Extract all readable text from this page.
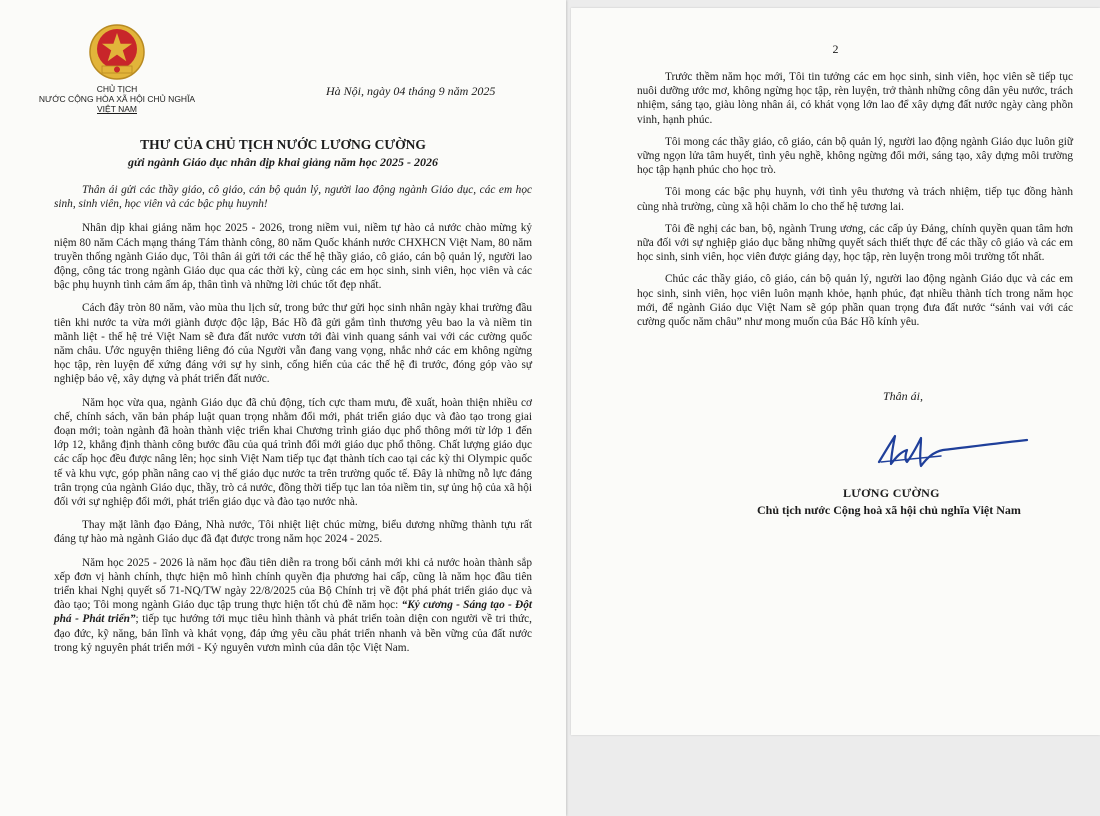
CHỦ TỊCH
NƯỚC CỘNG HÒA XÃ HỘI CHỦ NGHĨA
VIỆT NAM
Hà Nội, ngày 04 tháng 9 năm 2025
THƯ CỦA CHỦ TỊCH NƯỚC LƯƠNG CƯỜNG
gửi ngành Giáo dục nhân dịp khai giảng năm học 2025 - 2026

Thân ái gửi các thầy giáo, cô giáo, cán bộ quản lý, người lao động ngành Giáo dục, các em học sinh, sinh viên, học viên và các bậc phụ huynh!

Nhân dịp khai giảng năm học 2025 - 2026, trong niềm vui, niềm tự hào cả nước chào mừng kỷ niệm 80 năm Cách mạng tháng Tám thành công, 80 năm Quốc khánh nước CHXHCN Việt Nam, 80 năm truyền thống ngành Giáo dục, Tôi thân ái gửi tới các thế hệ thầy giáo, cô giáo, cán bộ quản lý, người lao động, công tác trong ngành Giáo dục qua các thời kỳ, cùng các em học sinh, sinh viên, học viên và các bậc phụ huynh tình cảm ấm áp, thân tình và những lời chúc tốt đẹp nhất.

Cách đây tròn 80 năm, vào mùa thu lịch sử, trong bức thư gửi học sinh nhân ngày khai trường đầu tiên khi nước ta vừa mới giành được độc lập, Bác Hồ đã gửi gắm tình thương yêu bao la và niềm tin mãnh liệt - thế hệ trẻ Việt Nam sẽ đưa đất nước vươn tới đài vinh quang sánh vai với các cường quốc năm châu. Ước nguyện thiêng liêng đó của Người vẫn đang vang vọng, nhắc nhở các em không ngừng học tập, rèn luyện để xứng đáng với sự hy sinh, cống hiến của các thế hệ đi trước, đóng góp vào sự nghiệp bảo vệ, xây dựng và phát triển đất nước.

Năm học vừa qua, ngành Giáo dục đã chủ động, tích cực tham mưu, đề xuất, hoàn thiện nhiều cơ chế, chính sách, văn bản pháp luật quan trọng nhằm đổi mới, phát triển giáo dục và đào tạo trong giai đoạn mới; toàn ngành đã hoàn thành việc triển khai Chương trình giáo dục phổ thông mới từ lớp 1 đến lớp 12, khẳng định thành công bước đầu của quá trình đổi mới giáo dục phổ thông. Chất lượng giáo dục các cấp học đều được nâng lên; học sinh Việt Nam tiếp tục đạt thành tích cao tại các kỳ thi Olympic quốc tế và khu vực, góp phần nâng cao vị thế giáo dục nước ta trên trường quốc tế. Đây là những nỗ lực đáng trân trọng của ngành Giáo dục, thầy, trò cả nước, đồng thời tiếp tục lan tỏa niềm tin, sự ủng hộ của xã hội đối với sự nghiệp đổi mới, phát triển giáo dục và đào tạo nước nhà.

Thay mặt lãnh đạo Đảng, Nhà nước, Tôi nhiệt liệt chúc mừng, biểu dương những thành tựu rất đáng tự hào mà ngành Giáo dục đã đạt được trong năm học 2024 - 2025.

Năm học 2025 - 2026 là năm học đầu tiên diễn ra trong bối cảnh mới khi cả nước hoàn thành sắp xếp đơn vị hành chính, thực hiện mô hình chính quyền địa phương hai cấp, cũng là năm học đầu tiên triển khai Nghị quyết số 71-NQ/TW ngày 22/8/2025 của Bộ Chính trị về đột phá phát triển giáo dục và đào tạo; Tôi mong ngành Giáo dục tập trung thực hiện tốt chủ đề năm học: “Kỷ cương - Sáng tạo - Đột phá - Phát triển”; tiếp tục hướng tới mục tiêu hình thành và phát triển toàn diện con người về tri thức, đạo đức, kỹ năng, bản lĩnh và khát vọng, đáp ứng yêu cầu phát triển nhanh và bền vững của đất nước trong kỷ nguyên phát triển mới - Kỷ nguyên vươn mình của dân tộc Việt Nam.

2

Trước thềm năm học mới, Tôi tin tưởng các em học sinh, sinh viên, học viên sẽ tiếp tục nuôi dưỡng ước mơ, không ngừng học tập, rèn luyện, trở thành những công dân yêu nước, trách nhiệm, sáng tạo, giàu lòng nhân ái, có khát vọng lớn lao để xây dựng đất nước ngày càng phồn vinh, hạnh phúc.

Tôi mong các thầy giáo, cô giáo, cán bộ quản lý, người lao động ngành Giáo dục luôn giữ vững ngọn lửa tâm huyết, tình yêu nghề, không ngừng đổi mới, sáng tạo, xây dựng môi trường học tập hạnh phúc cho học trò.

Tôi mong các bậc phụ huynh, với tình yêu thương và trách nhiệm, tiếp tục đồng hành cùng nhà trường, cùng xã hội chăm lo cho thế hệ tương lai.

Tôi đề nghị các ban, bộ, ngành Trung ương, các cấp ủy Đảng, chính quyền quan tâm hơn nữa đối với sự nghiệp giáo dục bằng những quyết sách thiết thực để các thầy cô giáo và các em học sinh, sinh viên, học viên được giảng dạy, học tập, rèn luyện trong môi trường tốt nhất.

Chúc các thầy giáo, cô giáo, cán bộ quản lý, người lao động ngành Giáo dục và các em học sinh, sinh viên, học viên luôn mạnh khỏe, hạnh phúc, đạt nhiều thành tích trong năm học mới, để ngành Giáo dục Việt Nam sẽ góp phần quan trọng đưa đất nước “sánh vai với các cường quốc năm châu” như mong muốn của Bác Hồ kính yêu.

Thân ái,
LƯƠNG CƯỜNG
Chủ tịch nước Cộng hoà xã hội chủ nghĩa Việt Nam
